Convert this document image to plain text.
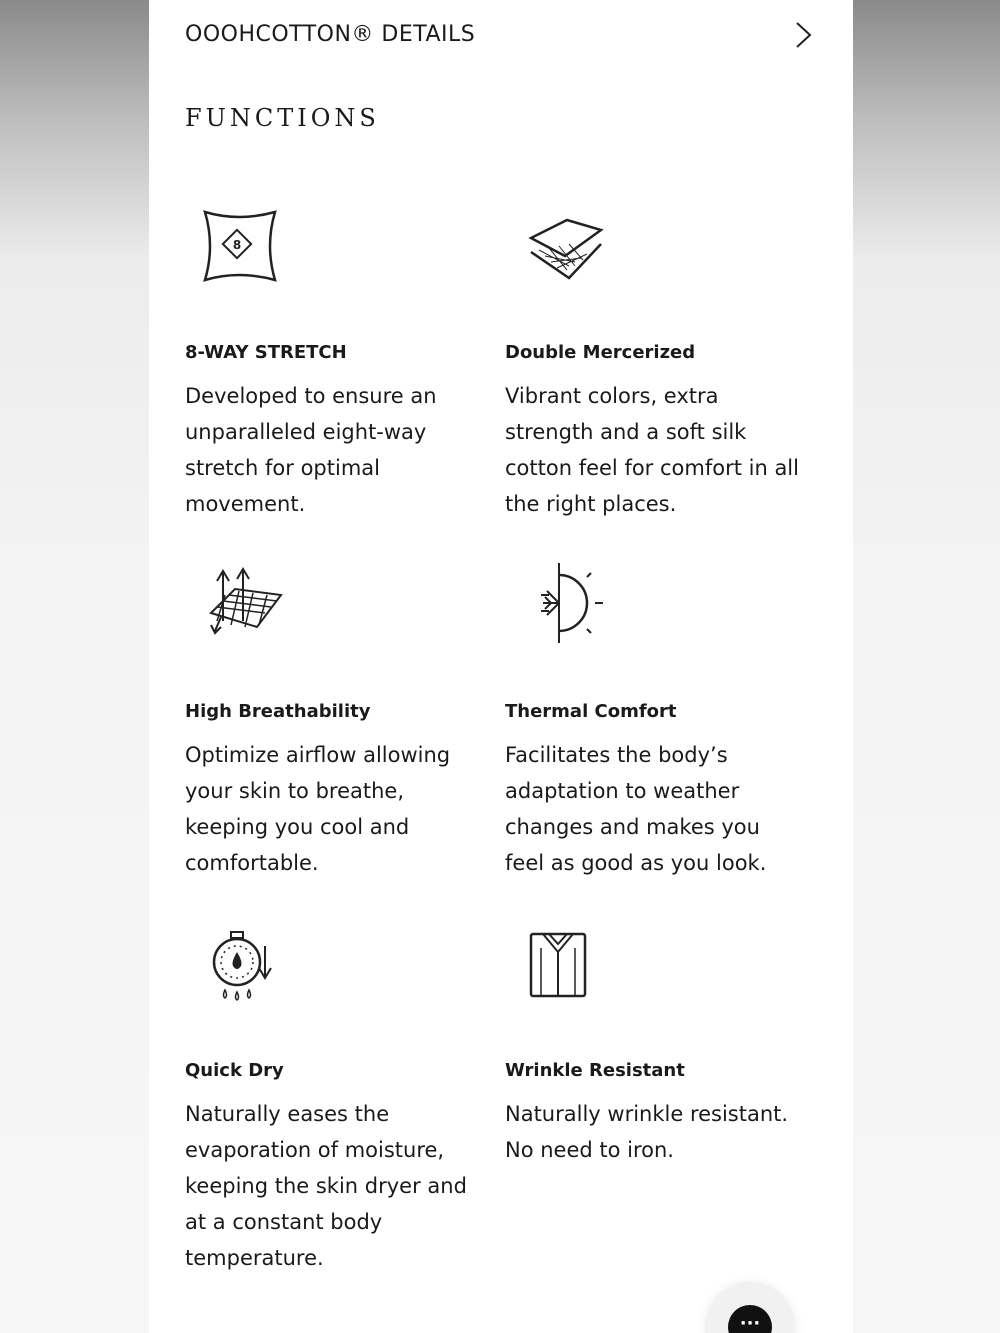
OOOHCOTTON® DETAILS
FUNCTIONS
8
8-WAY STRETCH
Developed to ensure an unparalleled eight-way stretch for optimal movement.
Double Mercerized
Vibrant colors, extra strength and a soft silk cotton feel for comfort in all the right places.
High Breathability
Optimize airflow allowing your skin to breathe, keeping you cool and comfortable.
Thermal Comfort
Facilitates the body’s adaptation to weather changes and makes you feel as good as you look.
Quick Dry
Naturally eases the evaporation of moisture, keeping the skin dryer and at a constant body temperature.
Wrinkle Resistant
Naturally wrinkle resistant. No need to iron.
···
